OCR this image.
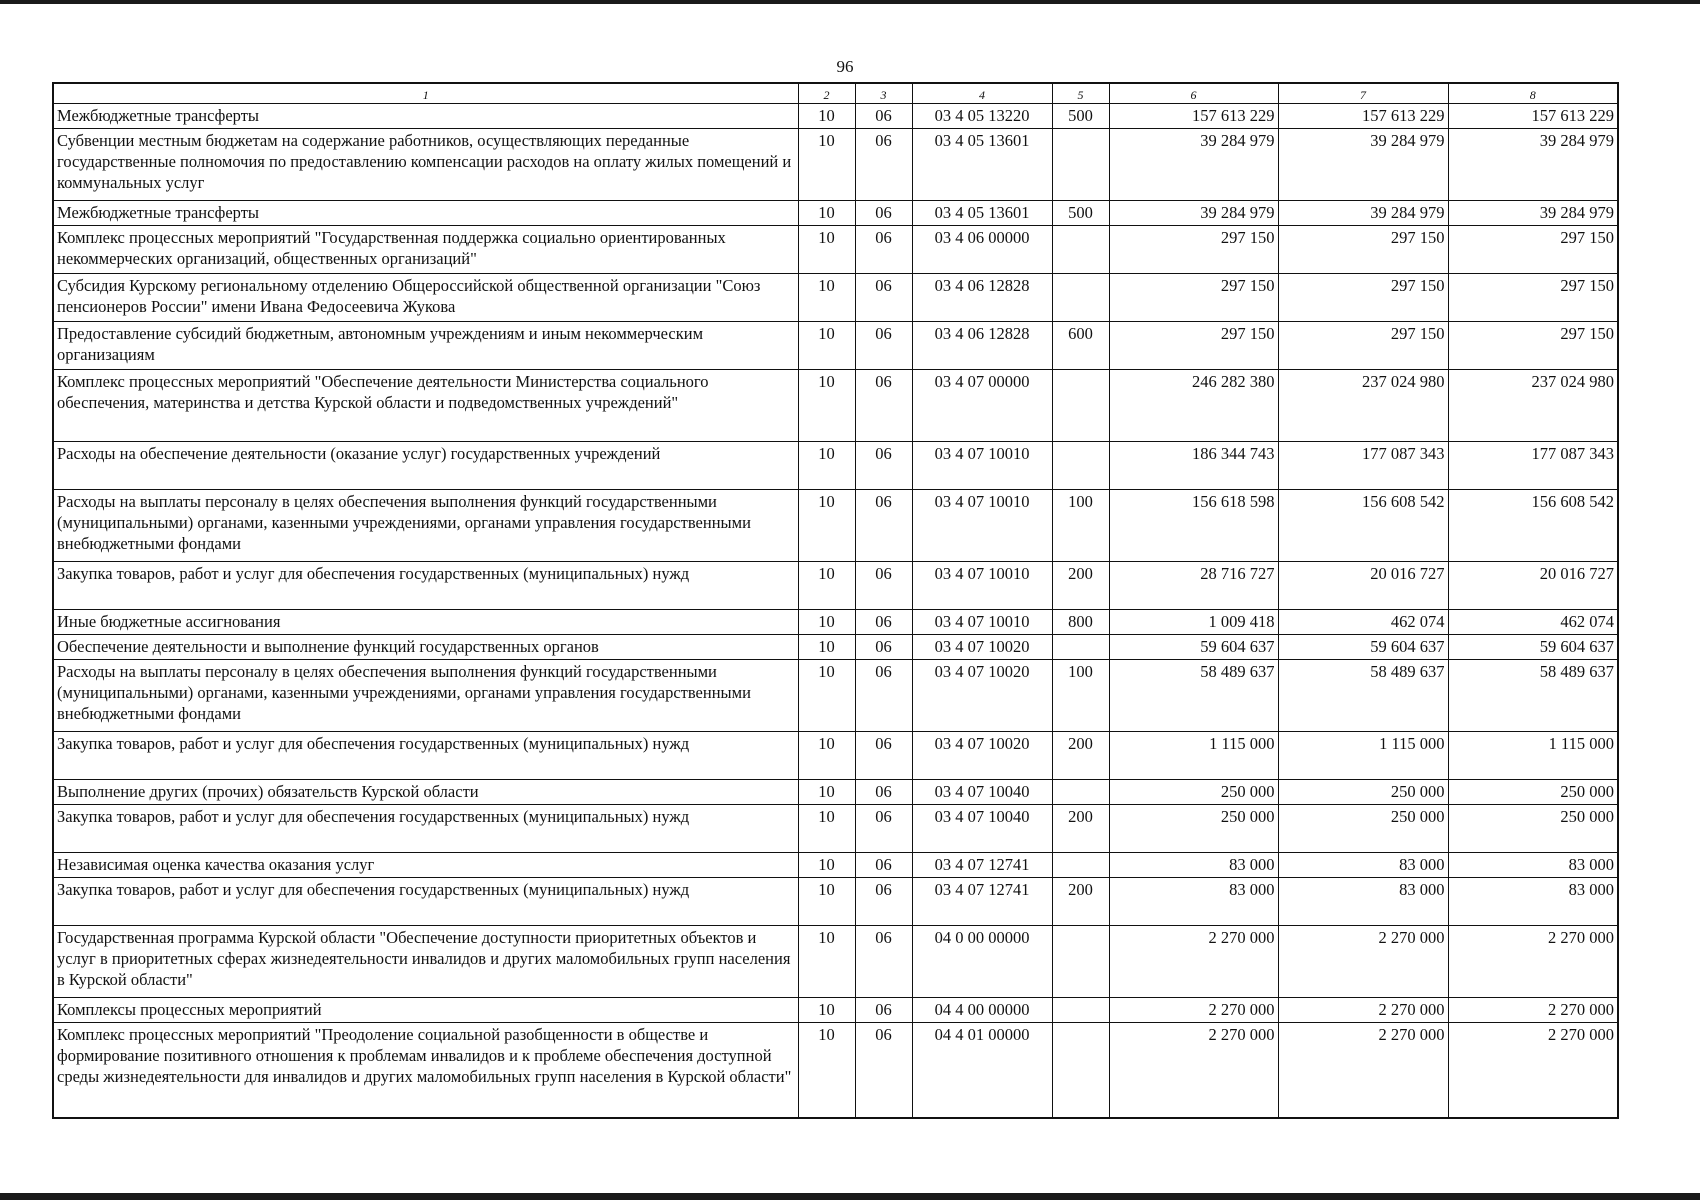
96
1	2	3	4	5	6	7	8
Межбюджетные трансферты	10	06	03 4 05 13220	500	157 613 229	157 613 229	157 613 229
Субвенции местным бюджетам на содержание работников, осуществляющих переданные государственные полномочия по предоставлению компенсации расходов на оплату жилых помещений и коммунальных услуг	10	06	03 4 05 13601		39 284 979	39 284 979	39 284 979
Межбюджетные трансферты	10	06	03 4 05 13601	500	39 284 979	39 284 979	39 284 979
Комплекс процессных мероприятий "Государственная поддержка социально ориентированных некоммерческих организаций, общественных организаций"	10	06	03 4 06 00000		297 150	297 150	297 150
Субсидия Курскому региональному отделению Общероссийской общественной организации "Союз пенсионеров России" имени Ивана Федосеевича Жукова	10	06	03 4 06 12828		297 150	297 150	297 150
Предоставление субсидий бюджетным, автономным учреждениям и иным некоммерческим организациям	10	06	03 4 06 12828	600	297 150	297 150	297 150
Комплекс процессных мероприятий "Обеспечение деятельности Министерства социального обеспечения, материнства и детства Курской области и подведомственных учреждений"	10	06	03 4 07 00000		246 282 380	237 024 980	237 024 980
Расходы на обеспечение деятельности (оказание услуг) государственных учреждений	10	06	03 4 07 10010		186 344 743	177 087 343	177 087 343
Расходы на выплаты персоналу в целях обеспечения выполнения функций государственными (муниципальными) органами, казенными учреждениями, органами управления государственными внебюджетными фондами	10	06	03 4 07 10010	100	156 618 598	156 608 542	156 608 542
Закупка товаров, работ и услуг для обеспечения государственных (муниципальных) нужд	10	06	03 4 07 10010	200	28 716 727	20 016 727	20 016 727
Иные бюджетные ассигнования	10	06	03 4 07 10010	800	1 009 418	462 074	462 074
Обеспечение деятельности и выполнение функций государственных органов	10	06	03 4 07 10020		59 604 637	59 604 637	59 604 637
Расходы на выплаты персоналу в целях обеспечения выполнения функций государственными (муниципальными) органами, казенными учреждениями, органами управления государственными внебюджетными фондами	10	06	03 4 07 10020	100	58 489 637	58 489 637	58 489 637
Закупка товаров, работ и услуг для обеспечения государственных (муниципальных) нужд	10	06	03 4 07 10020	200	1 115 000	1 115 000	1 115 000
Выполнение других (прочих) обязательств Курской области	10	06	03 4 07 10040		250 000	250 000	250 000
Закупка товаров, работ и услуг для обеспечения государственных (муниципальных) нужд	10	06	03 4 07 10040	200	250 000	250 000	250 000
Независимая оценка качества оказания услуг	10	06	03 4 07 12741		83 000	83 000	83 000
Закупка товаров, работ и услуг для обеспечения государственных (муниципальных) нужд	10	06	03 4 07 12741	200	83 000	83 000	83 000
Государственная программа Курской области "Обеспечение доступности приоритетных объектов и услуг в приоритетных сферах жизнедеятельности инвалидов и других маломобильных групп населения в Курской области"	10	06	04 0 00 00000		2 270 000	2 270 000	2 270 000
Комплексы процессных мероприятий	10	06	04 4 00 00000		2 270 000	2 270 000	2 270 000
Комплекс процессных мероприятий "Преодоление социальной разобщенности в обществе и формирование позитивного отношения к проблемам инвалидов и к проблеме обеспечения доступной среды жизнедеятельности для инвалидов и других маломобильных групп населения в Курской области"	10	06	04 4 01 00000		2 270 000	2 270 000	2 270 000
